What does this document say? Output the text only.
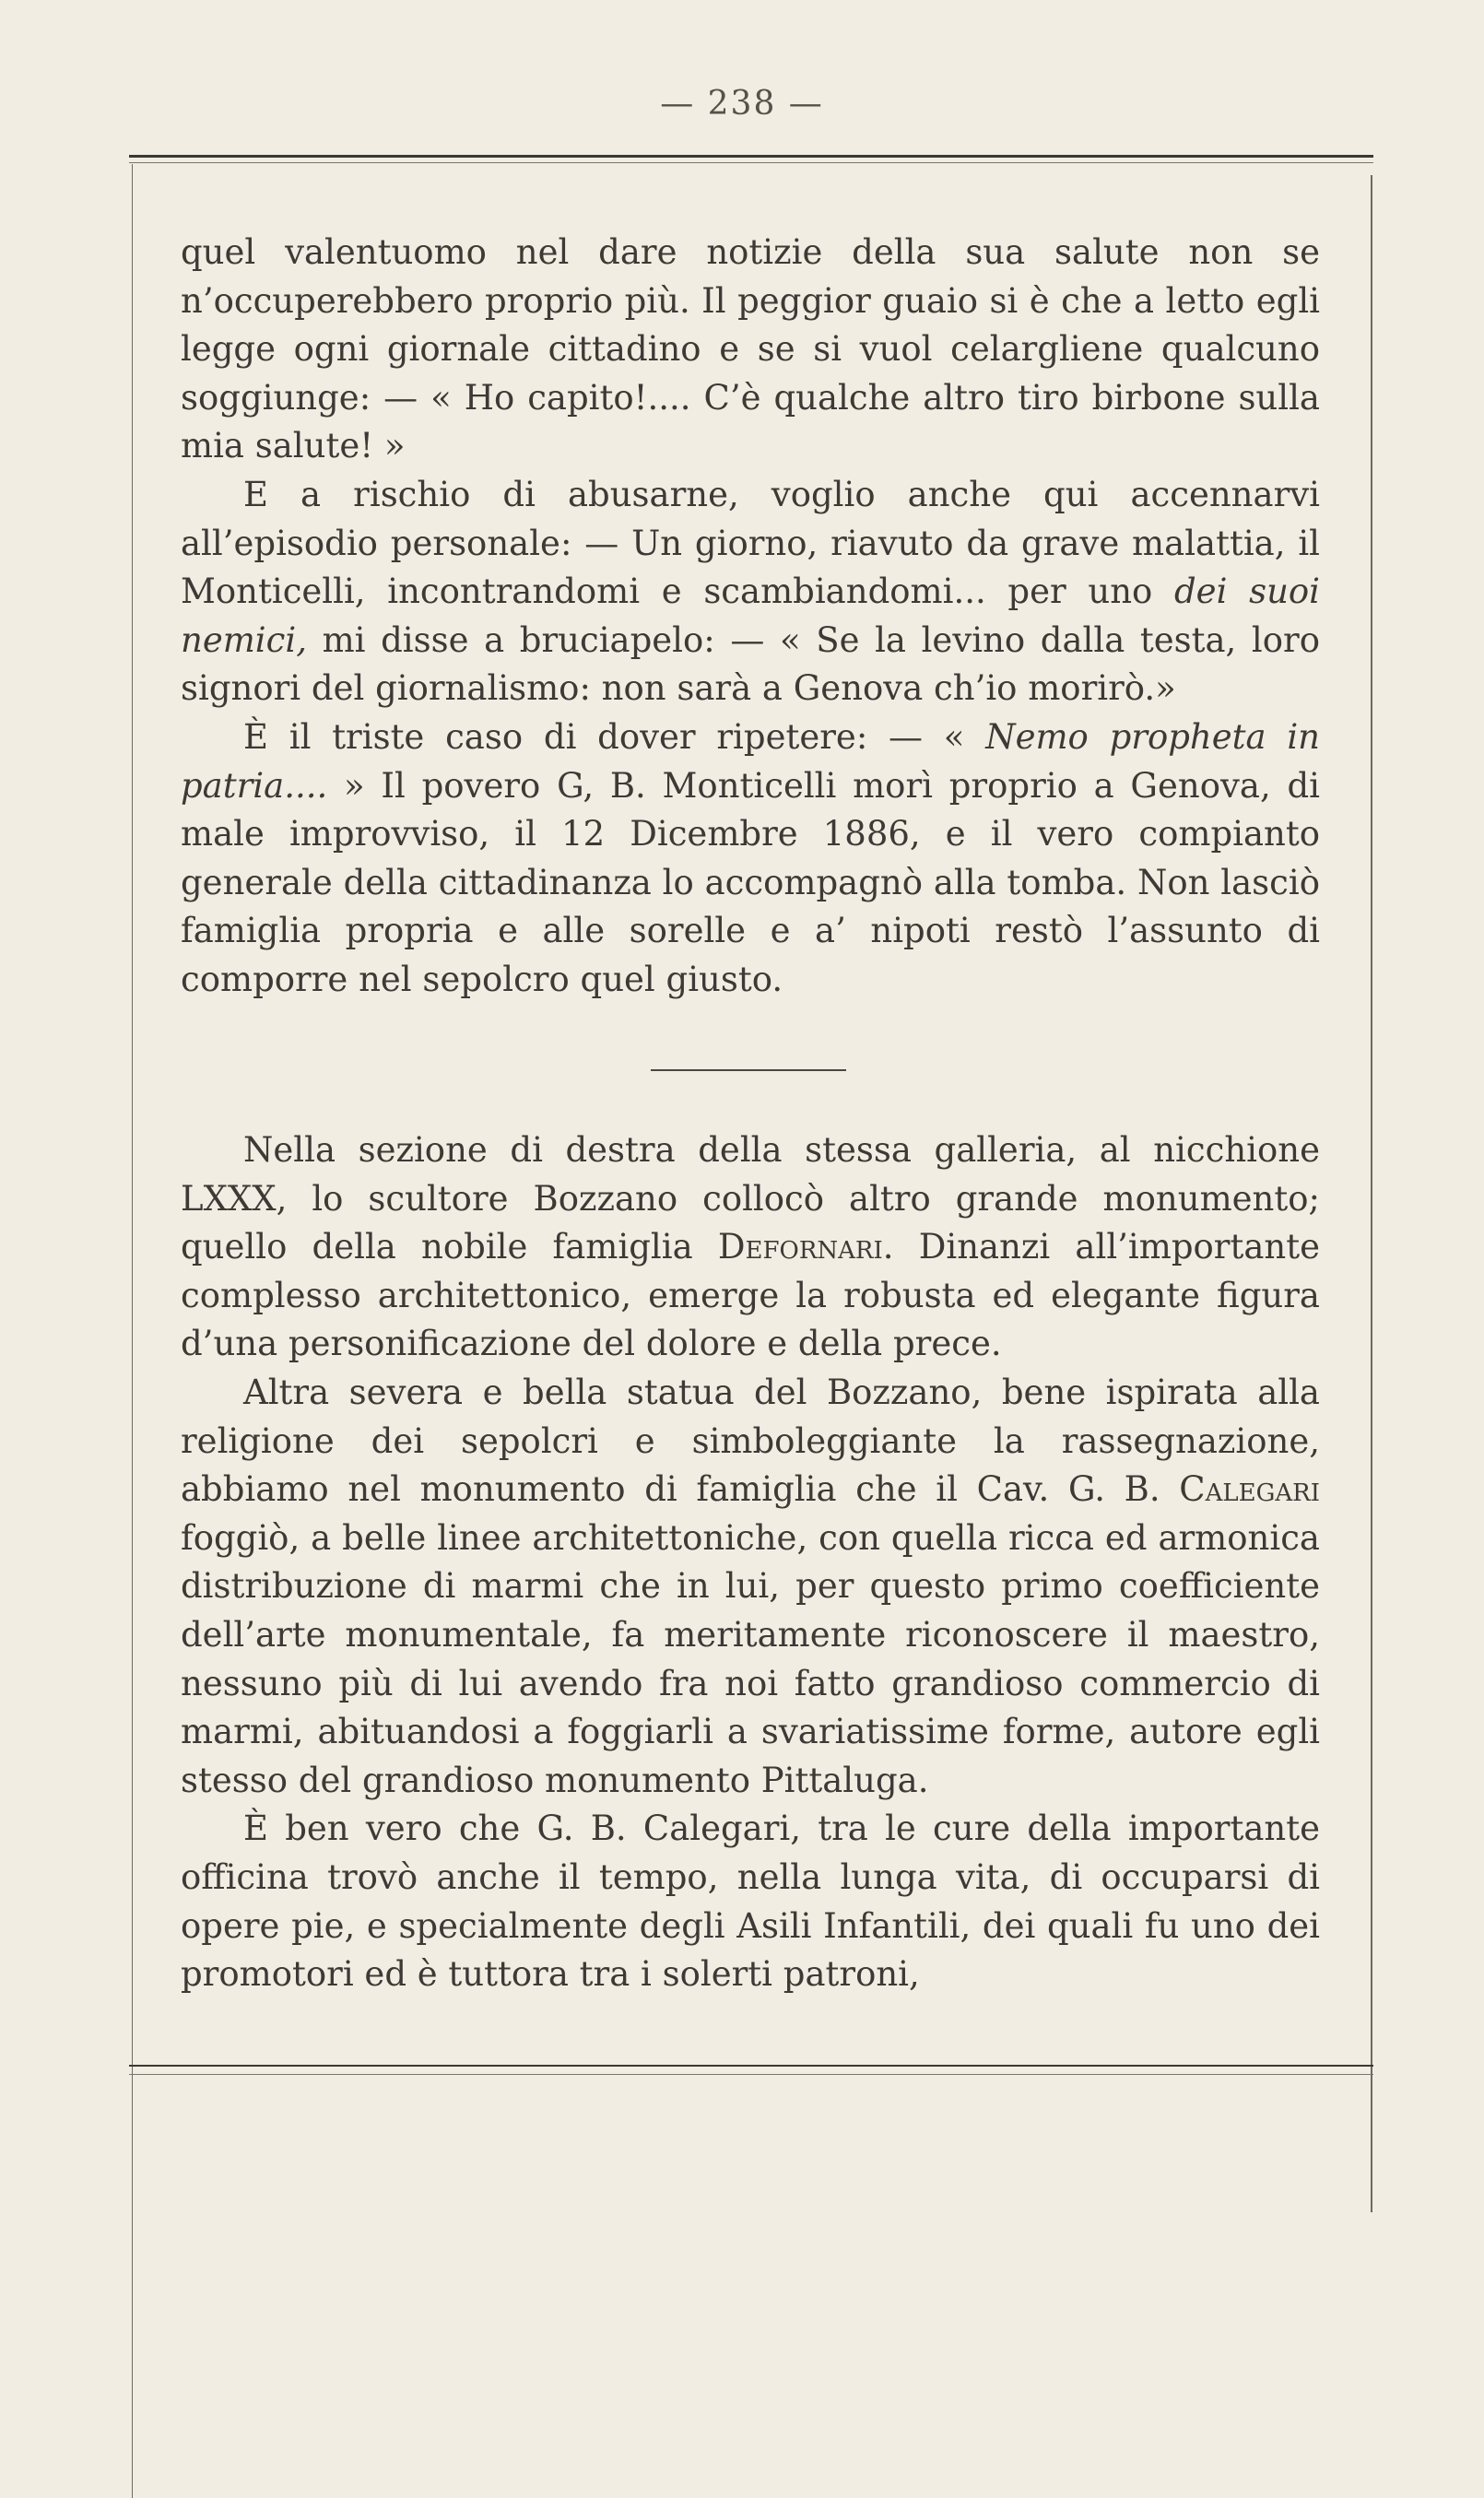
— 238 —

quel valentuomo nel dare notizie della sua salute non se n’occuperebbero proprio più. Il peggior guaio si è che a letto egli legge ogni giornale cittadino e se si vuol celargliene qualcuno soggiunge: — « Ho capito!.... C’è qualche altro tiro birbone sulla mia salute! »

E a rischio di abusarne, voglio anche qui accennarvi all’episodio personale: — Un giorno, riavuto da grave malattia, il Monticelli, incontrandomi e scambiandomi... per uno dei suoi nemici, mi disse a bruciapelo: — « Se la levino dalla testa, loro signori del giornalismo: non sarà a Genova ch’io morirò.»

È il triste caso di dover ripetere: — « Nemo propheta in patria.... » Il povero G, B. Monticelli morì proprio a Genova, di male improvviso, il 12 Dicembre 1886, e il vero compianto generale della cittadinanza lo accompagnò alla tomba. Non lasciò famiglia propria e alle sorelle e a’ nipoti restò l’assunto di comporre nel sepolcro quel giusto.

Nella sezione di destra della stessa galleria, al nicchione LXXX, lo scultore Bozzano collocò altro grande monumento; quello della nobile famiglia Defornari. Dinanzi all’importante complesso architettonico, emerge la robusta ed elegante figura d’una personificazione del dolore e della prece.

Altra severa e bella statua del Bozzano, bene ispirata alla religione dei sepolcri e simboleggiante la rassegnazione, abbiamo nel monumento di famiglia che il Cav. G. B. Calegari foggiò, a belle linee architettoniche, con quella ricca ed armonica distribuzione di marmi che in lui, per questo primo coefficiente dell’arte monumentale, fa meritamente riconoscere il maestro, nessuno più di lui avendo fra noi fatto grandioso commercio di marmi, abituandosi a foggiarli a svariatissime forme, autore egli stesso del grandioso monumento Pittaluga.

È ben vero che G. B. Calegari, tra le cure della importante officina trovò anche il tempo, nella lunga vita, di occuparsi di opere pie, e specialmente degli Asili Infantili, dei quali fu uno dei promotori ed è tuttora tra i solerti patroni,
